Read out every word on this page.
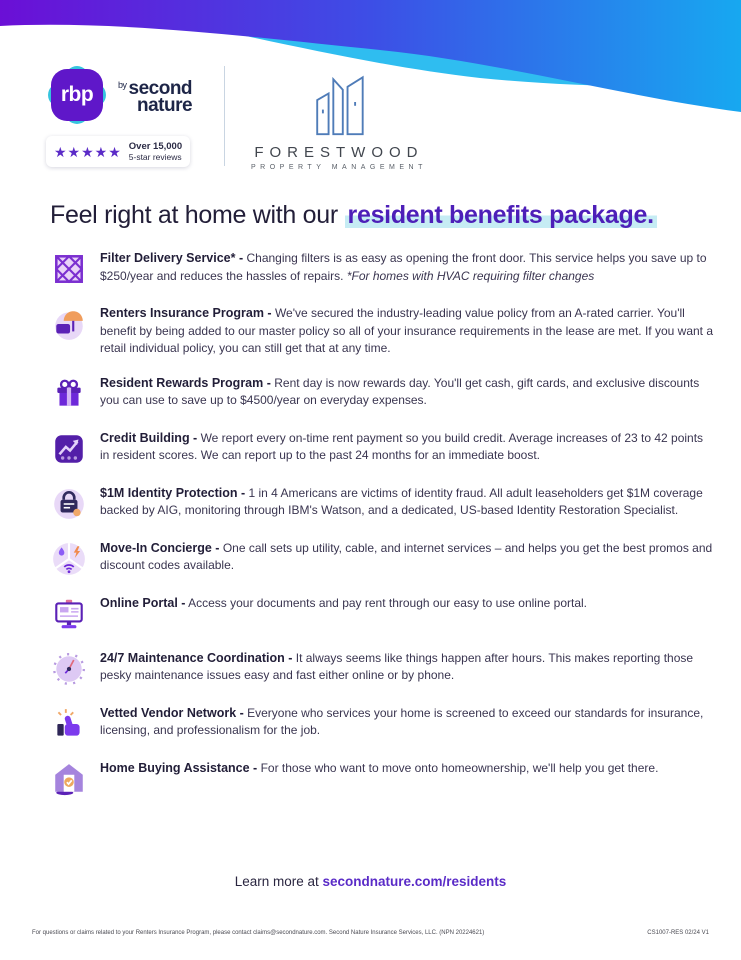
rbp	$^{by}$ second
nature
★★★★★ Over 15,000
5-star reviews	FORESTWOOD
PROPERTY MANAGEMENT
Feel right at home with our resident benefits package.

Filter Delivery Service* - Changing filters is as easy as opening the front door. This service helps you save up to $250/year and reduces the hassles of repairs. *For homes with HVAC requiring filter changes

Renters Insurance Program - We've secured the industry-leading value policy from an A-rated carrier. You'll benefit by being added to our master policy so all of your insurance requirements in the lease are met. If you want a retail individual policy, you can still get that at any time.

Resident Rewards Program - Rent day is now rewards day. You'll get cash, gift cards, and exclusive discounts you can use to save up to $4500/year on everyday expenses.

Credit Building - We report every on-time rent payment so you build credit. Average increases of 23 to 42 points in resident scores. We can report up to the past 24 months for an immediate boost.

$1M Identity Protection - 1 in 4 Americans are victims of identity fraud. All adult leaseholders get $1M coverage backed by AIG, monitoring through IBM's Watson, and a dedicated, US-based Identity Restoration Specialist.

Move-In Concierge - One call sets up utility, cable, and internet services – and helps you get the best promos and discount codes available.

Online Portal - Access your documents and pay rent through our easy to use online portal.

24/7 Maintenance Coordination - It always seems like things happen after hours. This makes reporting those pesky maintenance issues easy and fast either online or by phone.

Vetted Vendor Network - Everyone who services your home is screened to exceed our standards for insurance, licensing, and professionalism for the job.

Home Buying Assistance - For those who want to move onto homeownership, we'll help you get there.

Learn more at secondnature.com/residents
For questions or claims related to your Renters Insurance Program, please contact claims@secondnature.com. Second Nature Insurance Services, LLC. (NPN 20224621)	CS1007-RES 02/24 V1
